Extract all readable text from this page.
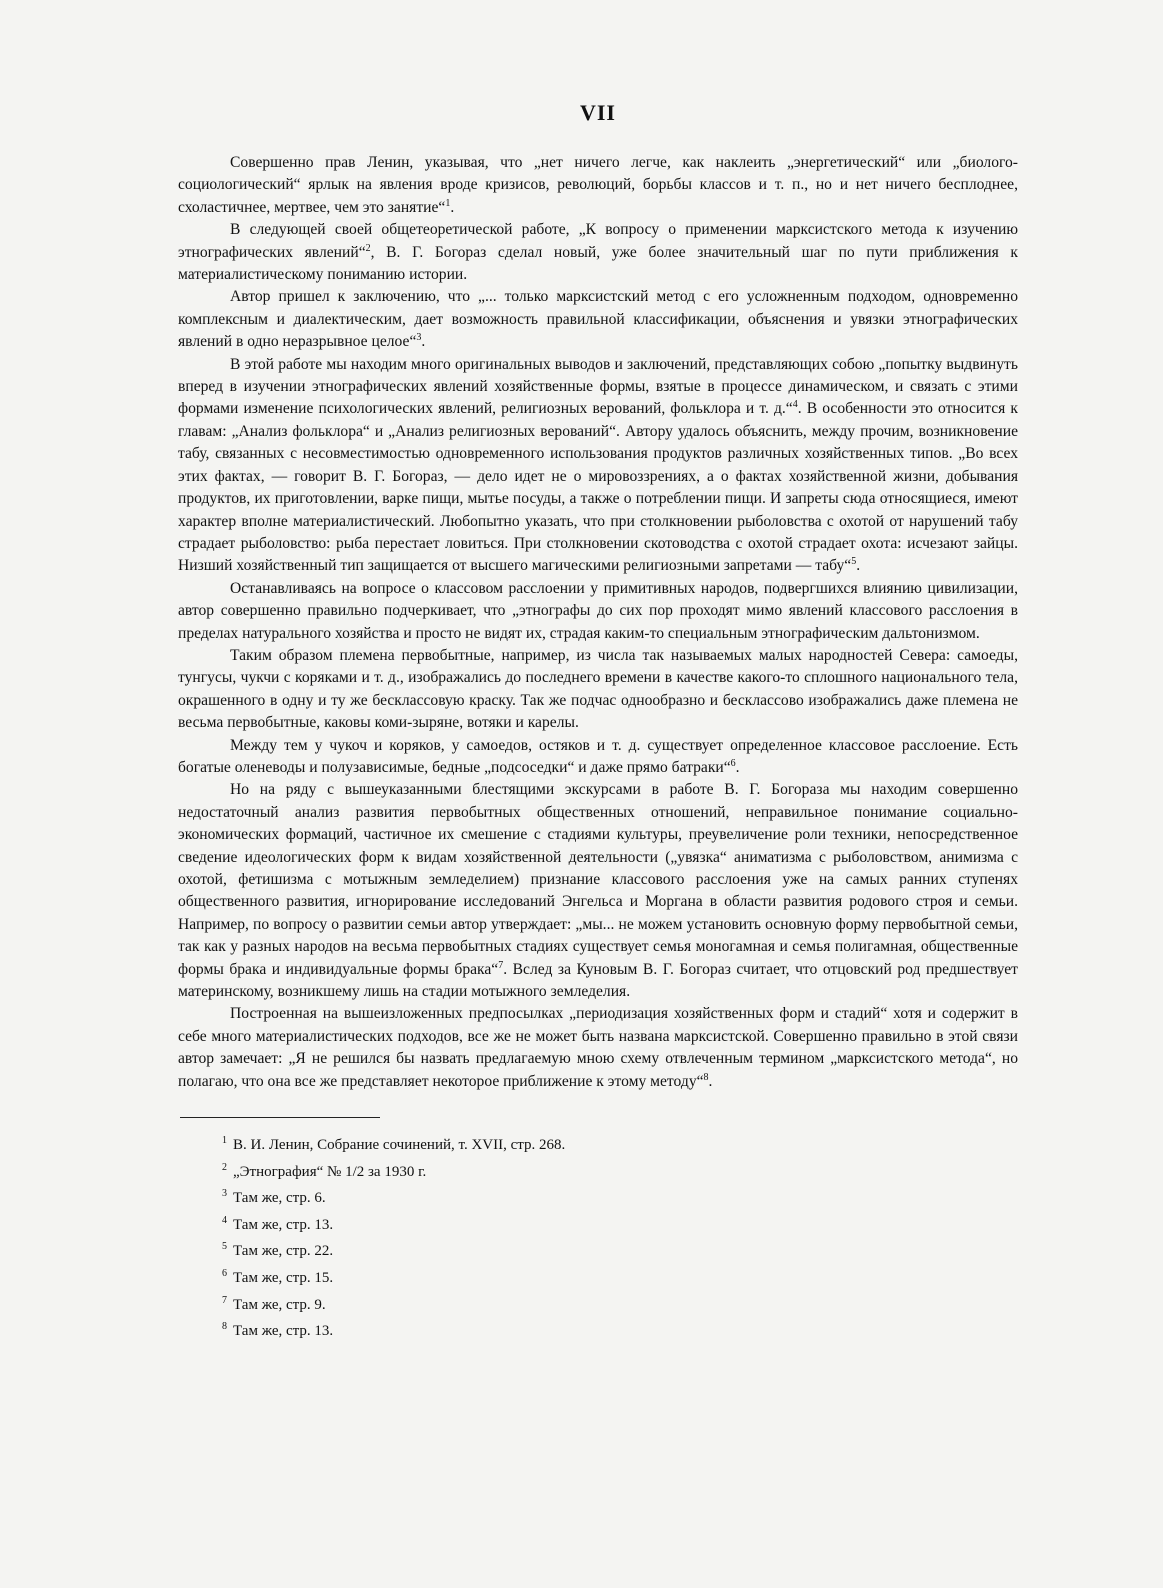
VII

Совершенно прав Ленин, указывая, что „нет ничего легче, как наклеить „энергетический“ или „биолого-социологический“ ярлык на явления вроде кризисов, революций, борьбы классов и т. п., но и нет ничего бесплоднее, схоластичнее, мертвее, чем это занятие“$^1$.

В следующей своей общетеоретической работе, „К вопросу о применении марксистского метода к изучению этнографических явлений“$^2$, В. Г. Богораз сделал новый, уже более значительный шаг по пути приближения к материалистическому пониманию истории.

Автор пришел к заключению, что „... только марксистский метод с его усложненным подходом, одновременно комплексным и диалектическим, дает возможность правильной классификации, объяснения и увязки этнографических явлений в одно неразрывное целое“$^3$.

В этой работе мы находим много оригинальных выводов и заключений, представляющих собою „попытку выдвинуть вперед в изучении этнографических явлений хозяйственные формы, взятые в процессе динамическом, и связать с этими формами изменение психологических явлений, религиозных верований, фольклора и т. д.“$^4$. В особенности это относится к главам: „Анализ фольклора“ и „Анализ религиозных верований“. Автору удалось объяснить, между прочим, возникновение табу, связанных с несовместимостью одновременного использования продуктов различных хозяйственных типов. „Во всех этих фактах, — говорит В. Г. Богораз, — дело идет не о мировоззрениях, а о фактах хозяйственной жизни, добывания продуктов, их приготовлении, варке пищи, мытье посуды, а также о потреблении пищи. И запреты сюда относящиеся, имеют характер вполне материалистический. Любопытно указать, что при столкновении рыболовства с охотой от нарушений табу страдает рыболовство: рыба перестает ловиться. При столкновении скотоводства с охотой страдает охота: исчезают зайцы. Низший хозяйственный тип защищается от высшего магическими религиозными запретами — табу“$^5$.

Останавливаясь на вопросе о классовом расслоении у примитивных народов, подвергшихся влиянию цивилизации, автор совершенно правильно подчеркивает, что „этнографы до сих пор проходят мимо явлений классового расслоения в пределах натурального хозяйства и просто не видят их, страдая каким-то специальным этнографическим дальтонизмом.

Таким образом племена первобытные, например, из числа так называемых малых народностей Севера: самоеды, тунгусы, чукчи с коряками и т. д., изображались до последнего времени в качестве какого-то сплошного национального тела, окрашенного в одну и ту же бесклассовую краску. Так же подчас однообразно и бесклассово изображались даже племена не весьма первобытные, каковы коми-зыряне, вотяки и карелы.

Между тем у чукоч и коряков, у самоедов, остяков и т. д. существует определенное классовое расслоение. Есть богатые оленеводы и полузависимые, бедные „подсоседки“ и даже прямо батраки“$^6$.

Но на ряду с вышеуказанными блестящими экскурсами в работе В. Г. Богораза мы находим совершенно недостаточный анализ развития первобытных общественных отношений, неправильное понимание социально-экономических формаций, частичное их смешение с стадиями культуры, преувеличение роли техники, непосредственное сведение идеологических форм к видам хозяйственной деятельности („увязка“ аниматизма с рыболовством, анимизма с охотой, фетишизма с мотыжным земледелием) признание классового расслоения уже на самых ранних ступенях общественного развития, игнорирование исследований Энгельса и Моргана в области развития родового строя и семьи. Например, по вопросу о развитии семьи автор утверждает: „мы... не можем установить основную форму первобытной семьи, так как у разных народов на весьма первобытных стадиях существует семья моногамная и семья полигамная, общественные формы брака и индивидуальные формы брака“$^7$. Вслед за Куновым В. Г. Богораз считает, что отцовский род предшествует материнскому, возникшему лишь на стадии мотыжного земледелия.

Построенная на вышеизложенных предпосылках „периодизация хозяйственных форм и стадий“ хотя и содержит в себе много материалистических подходов, все же не может быть названа марксистской. Совершенно правильно в этой связи автор замечает: „Я не решился бы назвать предлагаемую мною схему отвлеченным термином „марксистского метода“, но полагаю, что она все же представляет некоторое приближение к этому методу“$^8$.

$^1$ В. И. Ленин, Собрание сочинений, т. XVII, стр. 268.
$^2$ „Этнография“ № 1/2 за 1930 г.
$^3$ Там же, стр. 6.
$^4$ Там же, стр. 13.
$^5$ Там же, стр. 22.
$^6$ Там же, стр. 15.
$^7$ Там же, стр. 9.
$^8$ Там же, стр. 13.
